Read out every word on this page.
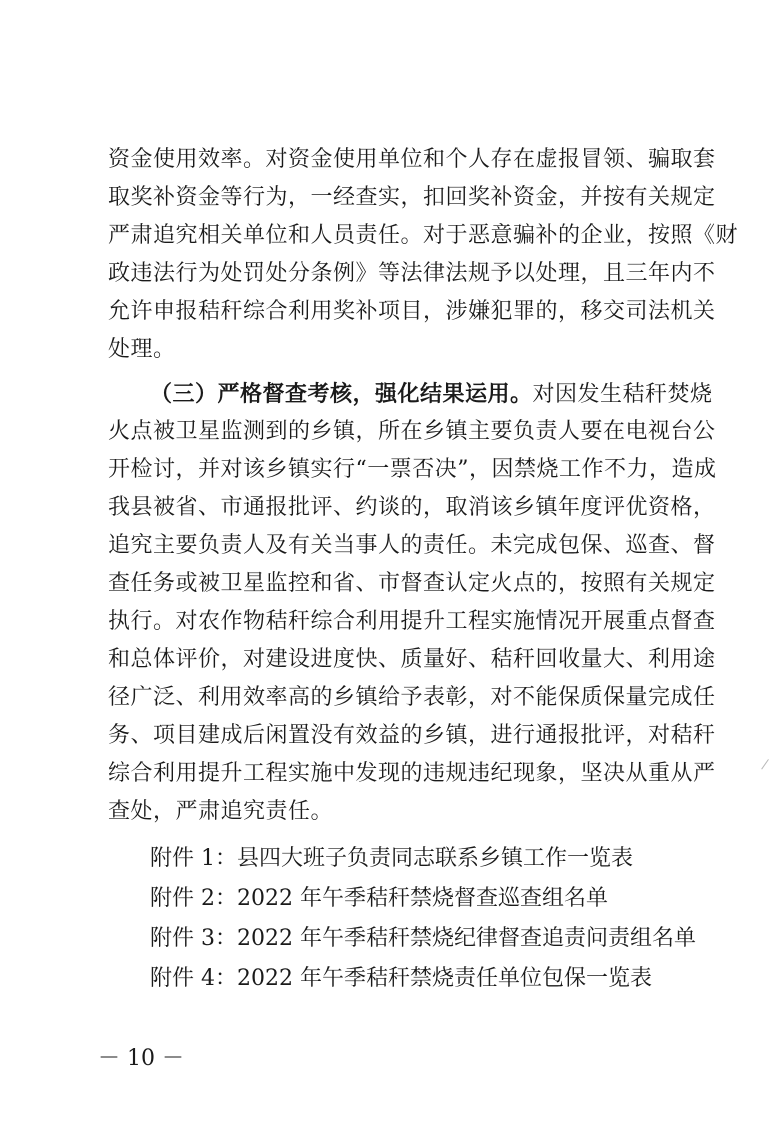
资金使用效率。对资金使用单位和个人存在虚报冒领、骗取套
取奖补资金等行为，一经查实，扣回奖补资金，并按有关规定
严肃追究相关单位和人员责任。对于恶意骗补的企业，按照《财
政违法行为处罚处分条例》等法律法规予以处理，且三年内不
允许申报秸秆综合利用奖补项目，涉嫌犯罪的，移交司法机关
处理。
（三）严格督查考核，强化结果运用。对因发生秸秆焚烧
火点被卫星监测到的乡镇，所在乡镇主要负责人要在电视台公
开检讨，并对该乡镇实行“一票否决”，因禁烧工作不力，造成
我县被省、市通报批评、约谈的，取消该乡镇年度评优资格，
追究主要负责人及有关当事人的责任。未完成包保、巡查、督
查任务或被卫星监控和省、市督查认定火点的，按照有关规定
执行。对农作物秸秆综合利用提升工程实施情况开展重点督查
和总体评价，对建设进度快、质量好、秸秆回收量大、利用途
径广泛、利用效率高的乡镇给予表彰，对不能保质保量完成任
务、项目建成后闲置没有效益的乡镇，进行通报批评，对秸秆
综合利用提升工程实施中发现的违规违纪现象，坚决从重从严
查处，严肃追究责任。
附件 1：县四大班子负责同志联系乡镇工作一览表
附件 2：2022 年午季秸秆禁烧督查巡查组名单
附件 3：2022 年午季秸秆禁烧纪律督查追责问责组名单
附件 4：2022 年午季秸秆禁烧责任单位包保一览表
－ 10 －
